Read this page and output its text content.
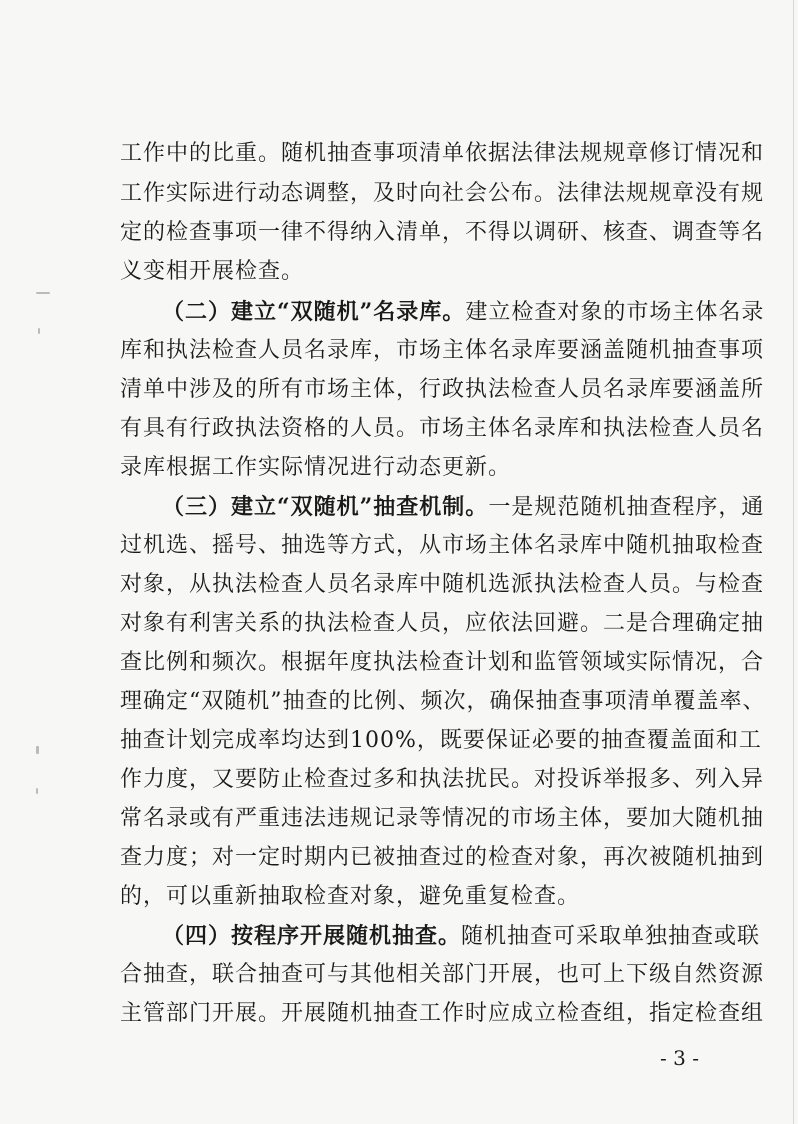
工作中的比重。随机抽查事项清单依据法律法规规章修订情况和
工作实际进行动态调整，及时向社会公布。法律法规规章没有规
定的检查事项一律不得纳入清单，不得以调研、核查、调查等名
义变相开展检查。
（二）建立“双随机”名录库。建立检查对象的市场主体名录
库和执法检查人员名录库，市场主体名录库要涵盖随机抽查事项
清单中涉及的所有市场主体，行政执法检查人员名录库要涵盖所
有具有行政执法资格的人员。市场主体名录库和执法检查人员名
录库根据工作实际情况进行动态更新。
（三）建立“双随机”抽查机制。一是规范随机抽查程序，通
过机选、摇号、抽选等方式，从市场主体名录库中随机抽取检查
对象，从执法检查人员名录库中随机选派执法检查人员。与检查
对象有利害关系的执法检查人员，应依法回避。二是合理确定抽
查比例和频次。根据年度执法检查计划和监管领域实际情况，合
理确定“双随机”抽查的比例、频次，确保抽查事项清单覆盖率、
抽查计划完成率均达到100%，既要保证必要的抽查覆盖面和工
作力度，又要防止检查过多和执法扰民。对投诉举报多、列入异
常名录或有严重违法违规记录等情况的市场主体，要加大随机抽
查力度；对一定时期内已被抽查过的检查对象，再次被随机抽到
的，可以重新抽取检查对象，避免重复检查。
（四）按程序开展随机抽查。随机抽查可采取单独抽查或联
合抽查，联合抽查可与其他相关部门开展，也可上下级自然资源
主管部门开展。开展随机抽查工作时应成立检查组，指定检查组
- 3 -
